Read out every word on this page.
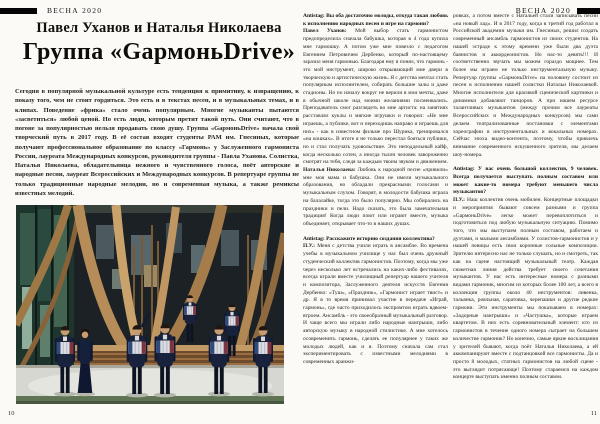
ВЕСНА 2020	ВЕСНА 2020
Павел Уханов и Наталья Николаева
Группа «GармоньDrive»
Сегодня в популярной музыкальной культуре есть тенденция к примитиву, к извращению, к показу того, чем не стоит гордиться. Это есть и в текстах песен, и в музыкальных темах, и в клипах. Поведение «фрика» стало очень популярным. Многие музыканты пытаются «засветиться» любой ценой. Но есть люди, которым претит такой путь. Они считают, что в погоне за популярностью нельзя продавать свою душу. Группа «GармоньDrive» начала свой творческий путь в 2017 году. В её состав входят студенты РАМ им. Гнесиных, которые получают профессиональное образование по классу «Гармонь» у Заслуженного гармониста России, лауреата Международных конкурсов, руководителя группы - Павла Уханова. Солистка, Наталья Николаева, обладательница нежного и чувственного голоса, поёт авторские и народные песни, лауреат Всероссийских и Международных конкурсов. В репертуаре группы не только традиционные народные мелодии, но и современная музыка, а также ремиксы известных мелодий.
10	11

Antistag: Вы оба достаточно молоды, откуда такая любовь к исполнению народных песен и игре на гармони?

Павел Уханов: Мой выбор стать гармонистом предопределила сначала бабушка, которая в 4 года купила мне гармошку. А потом уже мне повезло с педагогом Евгением Петровичем Дербенко, который по-настоящему заразил меня гармонью. Благодаря ему я понял, что гармонь - это мой инструмент, широко открывающий мне двери в творческую и артистическую жизнь. Я с детства мечтал стать популярным исполнителем, собирать большие залы и даже стадионы. Но по началу вокруг не верили в мои мечты, даже в обычной школе над моими желаниями посмеивались. Преподаватель смог разглядеть во мне артиста: на занятиях расставлял куклы и мягкие игрушки и говорил: «Не мне играешь, а публике, вот и переходишь направо и играешь для них» - как в известном фильме про Шурика, тренировался «на кошках». В итоге я не только перестал бояться публики, но и стал получать удовольствие. Это неподдельный кайф, когда несколько сотен, а иногда тысяч человек завороженно смотрят на тебя, следя за каждым твоим звуком и движением.

Наталья Николаева: Любовь к народной песне «привили» мне моя мама и бабушка. Они не имели музыкального образования, но обладали прекрасными голосами и музыкальным слухом. Говорят, в молодости бабушка играла на балалайке, тогда это было популярно. Мы собирались на праздники и пели. Надо сказать, это была замечательная традиция! Когда люди поют или играют вместе, музыка объединяет, открывает что-то в наших душах.

Antistag: Расскажите историю создания коллектива?

П.У.: Меня с детства учили играть в ансамбле. Во времена учебы в музыкальном училище у нас был очень дружный студенческий коллектив гармонистов. Поэтому, когда мы уже через несколько лет встречались на каких-либо фестивалях, всегда играли вместе училищный репертуар нашего учителя и композитора, Заслуженного деятеля искусств Евгения Дербенко: «Туш», «Праздник», «Гармонист играет твист» и др. Я в то время принимал участие в передаче «Играй, гармонь», где часто приходилось экспромтом играть вдвоем-втроем. Ансамбль - это своеобразный музыкальный разговор. И чаще всего мы играли либо народные наигрыши, либо авторскую музыку в народной стилистике. А мне хотелось осовременить гармонь, сделать ее популярнее у таких же молодых людей, как и я. Поэтому сначала сам стал экспериментировать с известными мелодиями в современных аранжи-

ровках, а потом вместе с Натальей стали записывать песни «на новый лад». И в 2017 году, когда в третий год работал в Российской академии музыки им. Гнесиных, решил создать современный ансамбль гармонистов из своих студентов. На нашей эстраде к этому времени уже были два дуэта баянистов и аккордеонистов. Но нас-то девять!!! И соответственно звучать мы можем гораздо мощнее. Тем более мы играем не только инструментальную музыку. Репертуар группы «GармоньDrive» на половину состоит из песен в исполнении нашей солистки Натальи Николаевой. Многие исполнители для красивой сценической картинки и динамики добавляют танцоров. А при нашем ресурсе талантливых музыкантов (между прочим все лауреаты Всероссийских и Международных конкурсов) мы сами делаем театрализованные постановки с элементами хореографии в инструментальных и вокальных номерах. Сейчас эпоха видео-контента, поэтому, чтобы привлечь внимание современного искушенного зрителя, мы делаем шоу-номера.

Antistag: У вас очень большой коллектив, 9 человек. Всегда получается выступать полным составом или может какие-то номера требуют меньшего числа музыкантов?

П.У.: Наш коллектив очень мобилен. Концертные площадки и мероприятия бывают совсем разными и группа «GармоньDrive» легко может перевоплотиться и подготовиться под любую музыкальную ситуацию. Помимо того, что мы выступаем полным составом, работаем и дуэтами, и малыми ансамблями. У солистов-гармонистов и у нашей певицы есть свои коронные сольные композиции. Зрителю интересно нас не только слушать, но и смотреть, так как на сцене настоящий музыкальный театр. Каждая сюжетная линия действа требует своего сочетания музыкантов. У нас есть интересные номера с разными видами гармоник, многим из которых более 100 лет, а всего в коллекции группы около 40 инструментов: ливенка, тальянка, рояльная, саратовка, черепашки и другие редкие гармони. Эти инструменты мы показываем в номерах: «Задорные наигрыши» и «Частушка», которые играем квартетом. В них есть соревновательный элемент: кто из гармонистов в течение одного номера сыграет на большем количестве гармоник? Но конечно, самые яркие восклицания у зрителей бывают, когда поёт Наталья Николаева, а ей аккомпанируют вместе с подтанцовкой все гармонисты. Да и просто 8 молодых, статных гармонистов на любой сцене - это выглядит потрясающе! Поэтому стараемся на каждом концерте выступать именно полным составом.
